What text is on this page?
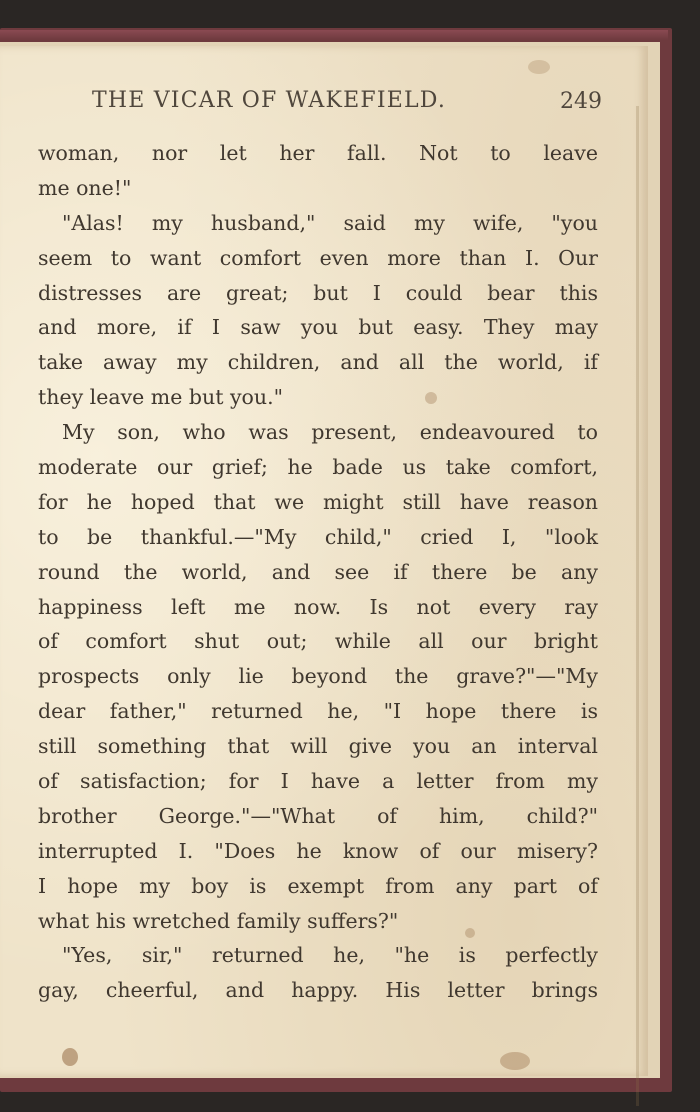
THE VICAR OF WAKEFIELD.	249
woman, nor let her fall. Not to leave
me one!"
"Alas! my husband," said my wife, "you
seem to want comfort even more than I. Our
distresses are great; but I could bear this
and more, if I saw you but easy. They may
take away my children, and all the world, if
they leave me but you."
My son, who was present, endeavoured to
moderate our grief; he bade us take comfort,
for he hoped that we might still have reason
to be thankful.—"My child," cried I, "look
round the world, and see if there be any
happiness left me now. Is not every ray
of comfort shut out; while all our bright
prospects only lie beyond the grave?"—"My
dear father," returned he, "I hope there is
still something that will give you an interval
of satisfaction; for I have a letter from my
brother George."—"What of him, child?"
interrupted I. "Does he know of our misery?
I hope my boy is exempt from any part of
what his wretched family suffers?"
"Yes, sir," returned he, "he is perfectly
gay, cheerful, and happy. His letter brings
